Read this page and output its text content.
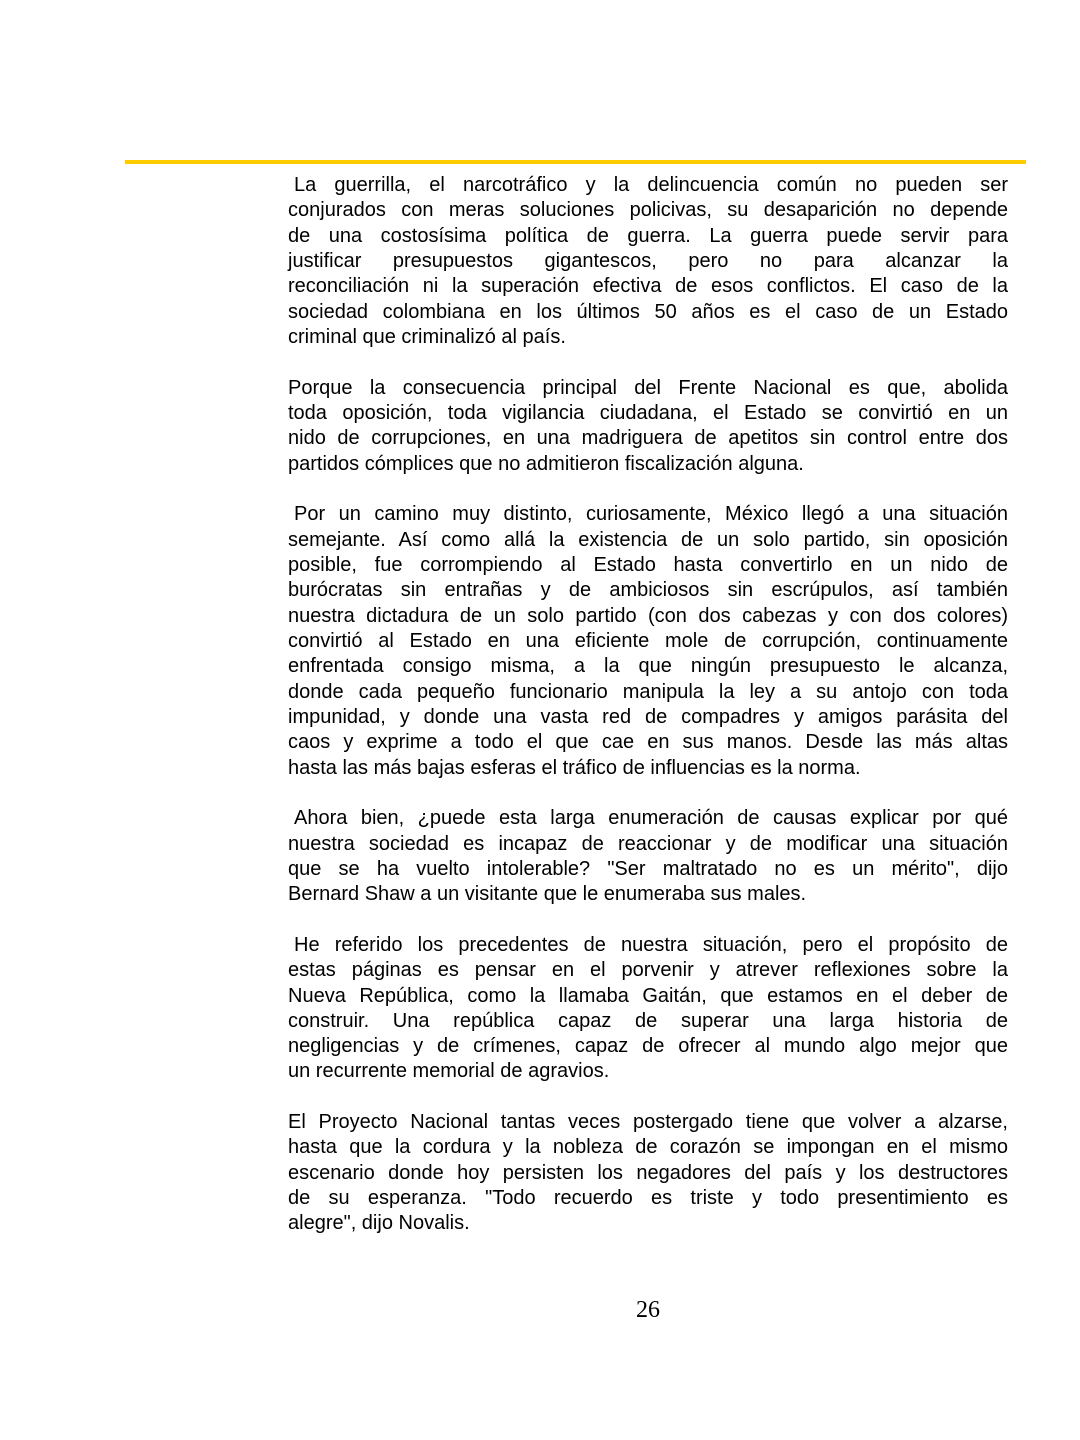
La guerrilla, el narcotráfico y la delincuencia común no pueden ser
conjurados con meras soluciones policivas, su desaparición no depende
de una costosísima política de guerra. La guerra puede servir para
justificar presupuestos gigantescos, pero no para alcanzar la
reconciliación ni la superación efectiva de esos conflictos. El caso de la
sociedad colombiana en los últimos 50 años es el caso de un Estado
criminal que criminalizó al país.
Porque la consecuencia principal del Frente Nacional es que, abolida
toda oposición, toda vigilancia ciudadana, el Estado se convirtió en un
nido de corrupciones, en una madriguera de apetitos sin control entre dos
partidos cómplices que no admitieron fiscalización alguna.
Por un camino muy distinto, curiosamente, México llegó a una situación
semejante. Así como allá la existencia de un solo partido, sin oposición
posible, fue corrompiendo al Estado hasta convertirlo en un nido de
burócratas sin entrañas y de ambiciosos sin escrúpulos, así también
nuestra dictadura de un solo partido (con dos cabezas y con dos colores)
convirtió al Estado en una eficiente mole de corrupción, continuamente
enfrentada consigo misma, a la que ningún presupuesto le alcanza,
donde cada pequeño funcionario manipula la ley a su antojo con toda
impunidad, y donde una vasta red de compadres y amigos parásita del
caos y exprime a todo el que cae en sus manos. Desde las más altas
hasta las más bajas esferas el tráfico de influencias es la norma.
Ahora bien, ¿puede esta larga enumeración de causas explicar por qué
nuestra sociedad es incapaz de reaccionar y de modificar una situación
que se ha vuelto intolerable? "Ser maltratado no es un mérito", dijo
Bernard Shaw a un visitante que le enumeraba sus males.
He referido los precedentes de nuestra situación, pero el propósito de
estas páginas es pensar en el porvenir y atrever reflexiones sobre la
Nueva República, como la llamaba Gaitán, que estamos en el deber de
construir. Una república capaz de superar una larga historia de
negligencias y de crímenes, capaz de ofrecer al mundo algo mejor que
un recurrente memorial de agravios.
El Proyecto Nacional tantas veces postergado tiene que volver a alzarse,
hasta que la cordura y la nobleza de corazón se impongan en el mismo
escenario donde hoy persisten los negadores del país y los destructores
de su esperanza. "Todo recuerdo es triste y todo presentimiento es
alegre", dijo Novalis.
26
